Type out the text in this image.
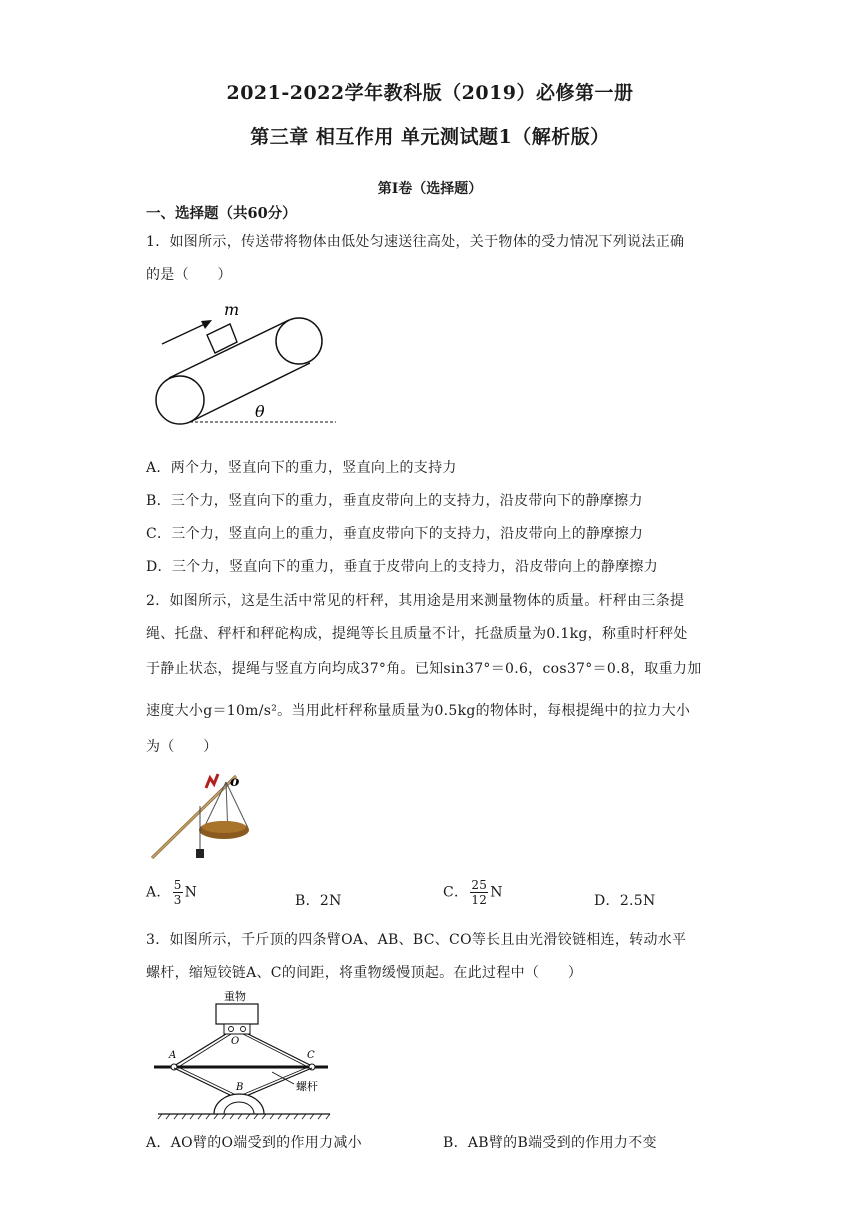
2021-2022学年教科版（2019）必修第一册
第三章 相互作用 单元测试题1（解析版）
第Ⅰ卷（选择题）
一、选择题（共60分）
1．如图所示，传送带将物体由低处匀速送往高处，关于物体的受力情况下列说法正确
的是（　　）
m
θ
A．两个力，竖直向下的重力，竖直向上的支持力
B．三个力，竖直向下的重力，垂直皮带向上的支持力，沿皮带向下的静摩擦力
C．三个力，竖直向上的重力，垂直皮带向下的支持力，沿皮带向上的静摩擦力
D．三个力，竖直向下的重力，垂直于皮带向上的支持力，沿皮带向上的静摩擦力
2．如图所示，这是生活中常见的杆秤，其用途是用来测量物体的质量。杆秤由三条提
绳、托盘、秤杆和秤砣构成，提绳等长且质量不计，托盘质量为0.1kg，称重时杆秤处
于静止状态，提绳与竖直方向均成37°角。已知sin37°＝0.6，cos37°＝0.8，取重力加
速度大小g＝10m/s²。当用此杆秤称量质量为0.5kg的物体时，每根提绳中的拉力大小
为（　　）
o
A． $\frac{5}{3}$ N
B．2N
C． $\frac{25}{12}$ N
D．2.5N
3．如图所示，千斤顶的四条臂OA、AB、BC、CO等长且由光滑铰链相连，转动水平
螺杆，缩短铰链A、C的间距，将重物缓慢顶起。在此过程中（　　）
重物
O
A	C
B	螺杆
A．AO臂的O端受到的作用力减小	B．AB臂的B端受到的作用力不变
